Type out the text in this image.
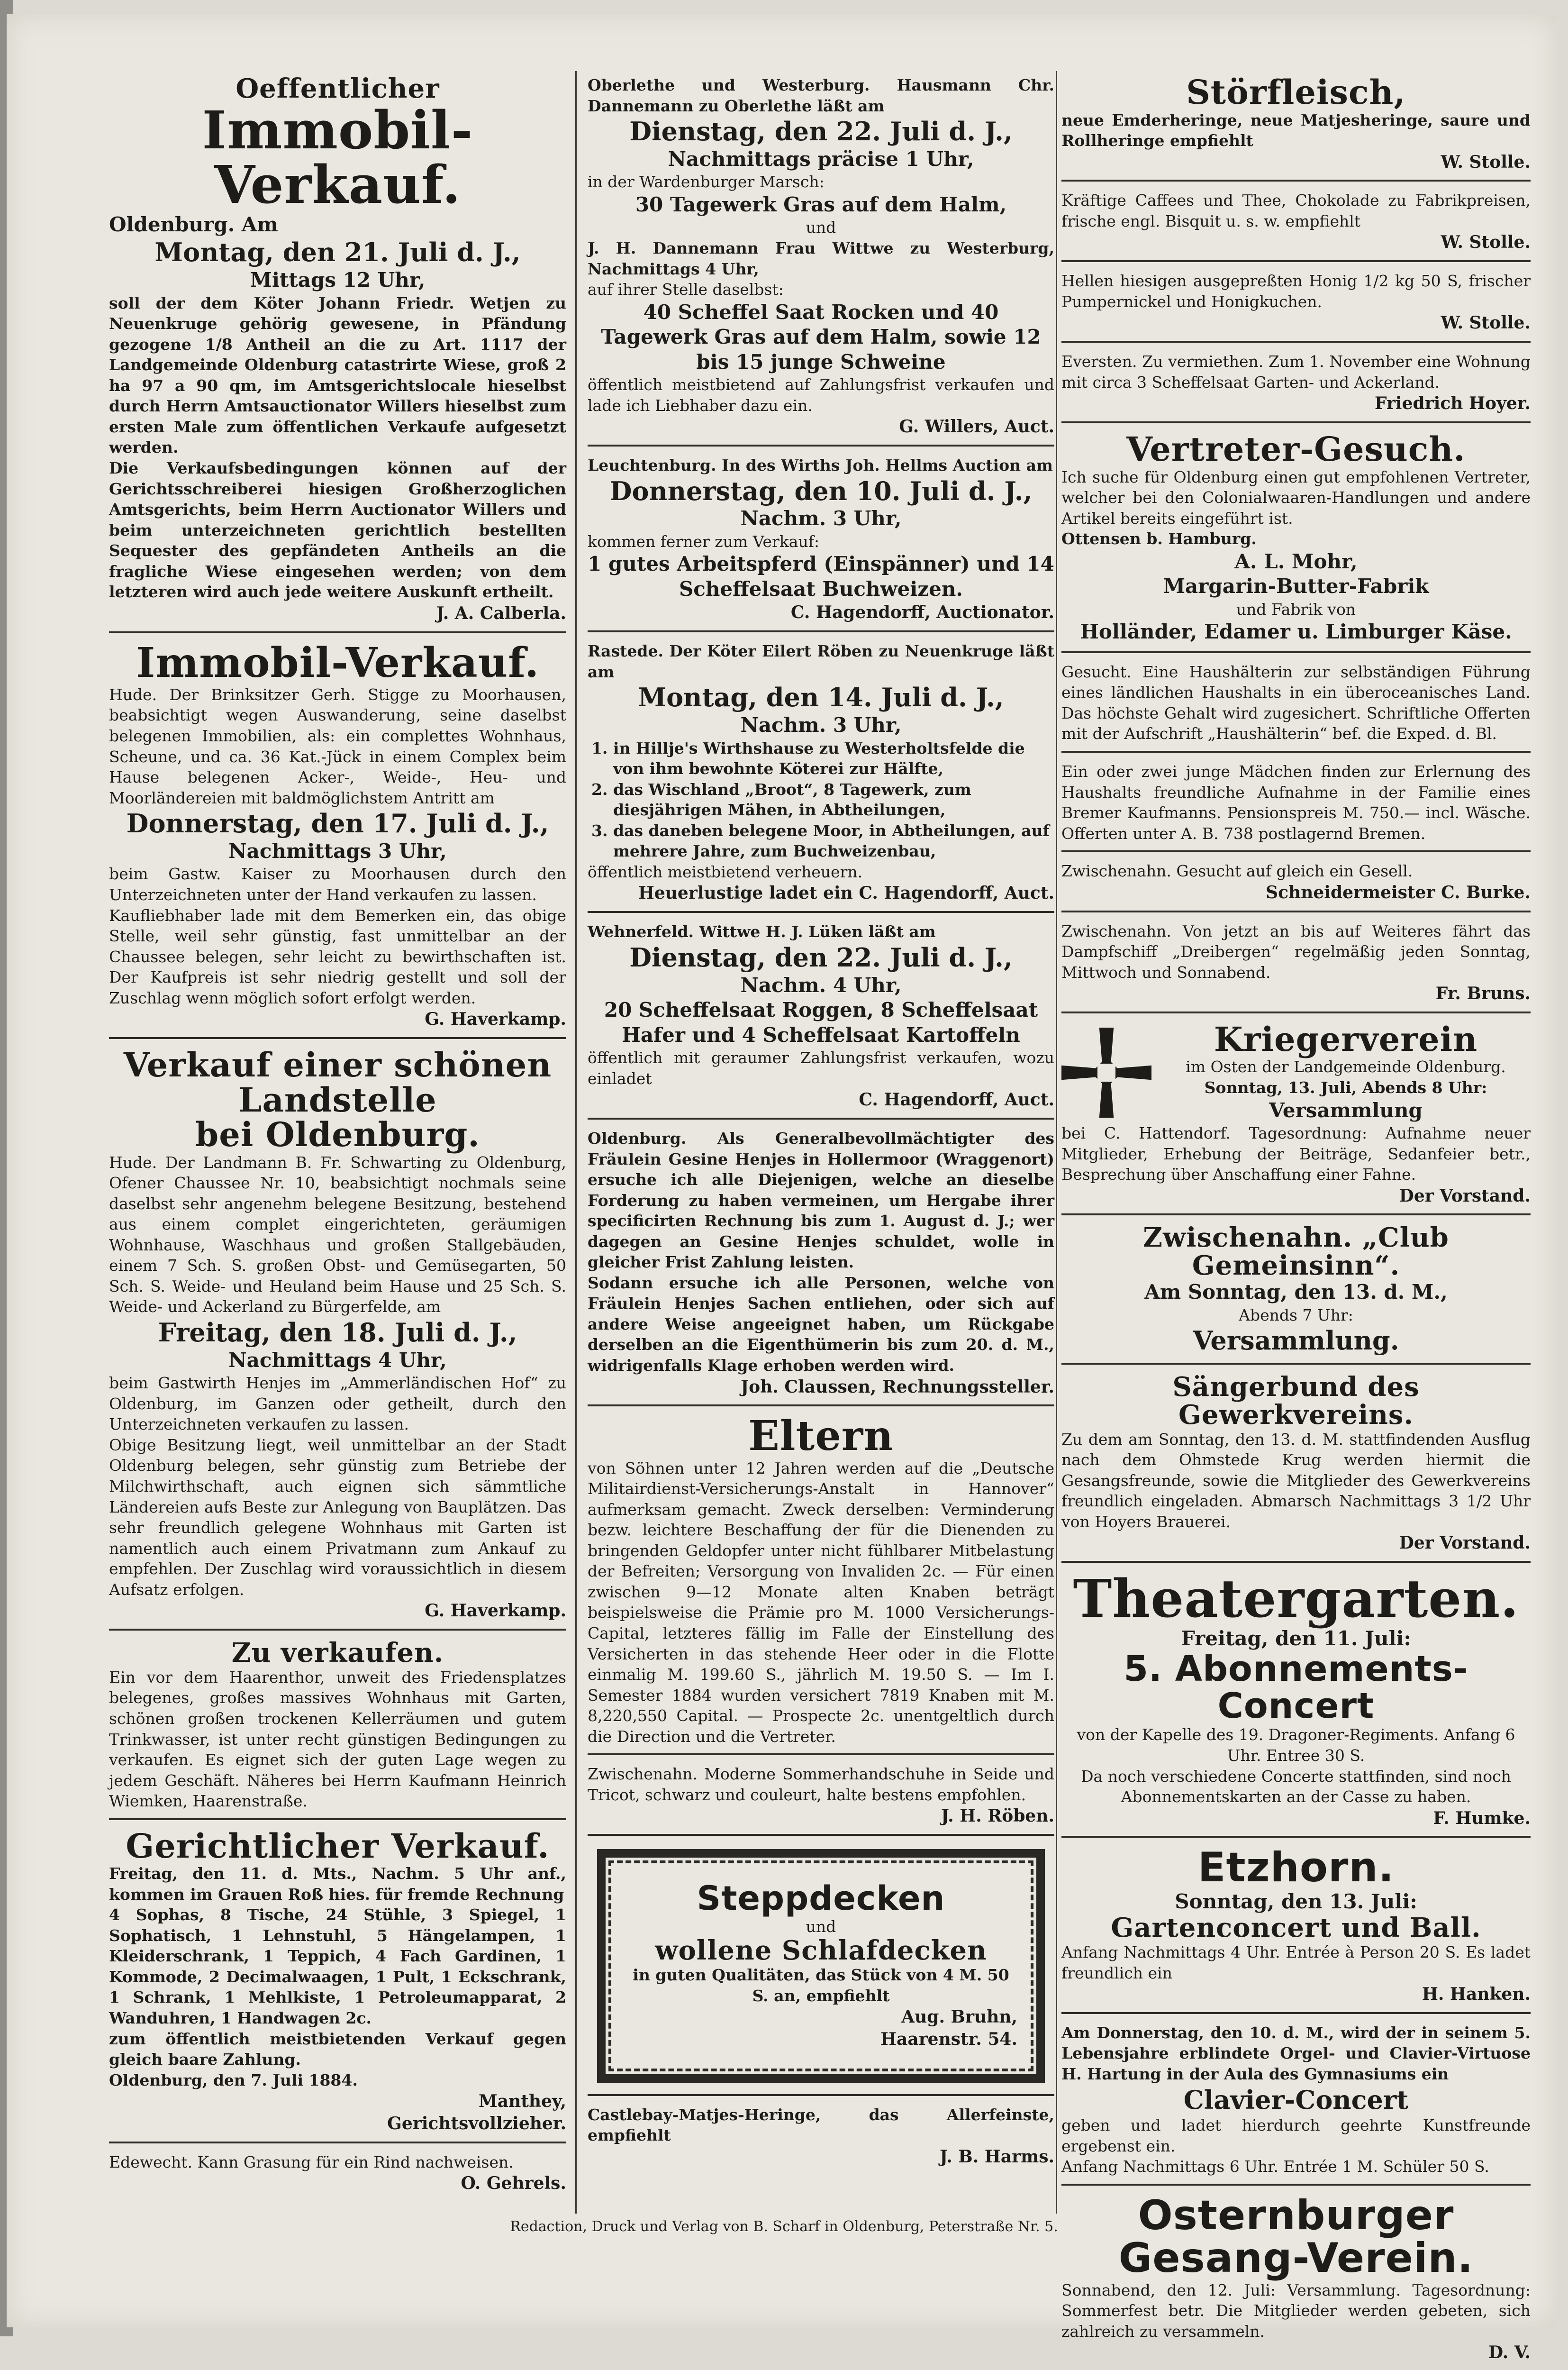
Oeffentlicher
Immobil-Verkauf.
Oldenburg. Am
Montag, den 21. Juli d. J.,
Mittags 12 Uhr,

soll der dem Köter Johann Friedr. Wetjen zu Neuenkruge gehörig gewesene, in Pfändung gezogene 1/8 Antheil an die zu Art. 1117 der Landgemeinde Oldenburg catastrirte Wiese, groß 2 ha 97 a 90 qm, im Amtsgerichtslocale hieselbst durch Herrn Amtsauctionator Willers hieselbst zum ersten Male zum öffentlichen Verkaufe aufgesetzt werden.

Die Verkaufsbedingungen können auf der Gerichtsschreiberei hiesigen Großherzoglichen Amtsgerichts, beim Herrn Auctionator Willers und beim unterzeichneten gerichtlich bestellten Sequester des gepfändeten Antheils an die fragliche Wiese eingesehen werden; von dem letzteren wird auch jede weitere Auskunft ertheilt.

J. A. Calberla.
Immobil-Verkauf.

Hude. Der Brinksitzer Gerh. Stigge zu Moorhausen, beabsichtigt wegen Auswanderung, seine daselbst belegenen Immobilien, als: ein complettes Wohnhaus, Scheune, und ca. 36 Kat.-Jück in einem Complex beim Hause belegenen Acker-, Weide-, Heu- und Moorländereien mit baldmöglichstem Antritt am

Donnerstag, den 17. Juli d. J.,
Nachmittags 3 Uhr,

beim Gastw. Kaiser zu Moorhausen durch den Unterzeichneten unter der Hand verkaufen zu lassen.

Kaufliebhaber lade mit dem Bemerken ein, das obige Stelle, weil sehr günstig, fast unmittelbar an der Chaussee belegen, sehr leicht zu bewirthschaften ist. Der Kaufpreis ist sehr niedrig gestellt und soll der Zuschlag wenn möglich sofort erfolgt werden.

G. Haverkamp.
Verkauf einer schönen Landstelle
bei Oldenburg.

Hude. Der Landmann B. Fr. Schwarting zu Oldenburg, Ofener Chaussee Nr. 10, beabsichtigt nochmals seine daselbst sehr angenehm belegene Besitzung, bestehend aus einem complet eingerichteten, geräumigen Wohnhause, Waschhaus und großen Stallgebäuden, einem 7 Sch. S. großen Obst- und Gemüsegarten, 50 Sch. S. Weide- und Heuland beim Hause und 25 Sch. S. Weide- und Ackerland zu Bürgerfelde, am

Freitag, den 18. Juli d. J.,
Nachmittags 4 Uhr,

beim Gastwirth Henjes im „Ammerländischen Hof“ zu Oldenburg, im Ganzen oder getheilt, durch den Unterzeichneten verkaufen zu lassen.

Obige Besitzung liegt, weil unmittelbar an der Stadt Oldenburg belegen, sehr günstig zum Betriebe der Milchwirthschaft, auch eignen sich sämmtliche Ländereien aufs Beste zur Anlegung von Bauplätzen. Das sehr freundlich gelegene Wohnhaus mit Garten ist namentlich auch einem Privatmann zum Ankauf zu empfehlen. Der Zuschlag wird voraussichtlich in diesem Aufsatz erfolgen.

G. Haverkamp.
Zu verkaufen.

Ein vor dem Haarenthor, unweit des Friedensplatzes belegenes, großes massives Wohnhaus mit Garten, schönen großen trockenen Kellerräumen und gutem Trinkwasser, ist unter recht günstigen Bedingungen zu verkaufen. Es eignet sich der guten Lage wegen zu jedem Geschäft. Näheres bei Herrn Kaufmann Heinrich Wiemken, Haarenstraße.

Gerichtlicher Verkauf.

Freitag, den 11. d. Mts., Nachm. 5 Uhr anf., kommen im Grauen Roß hies. für fremde Rechnung

4 Sophas, 8 Tische, 24 Stühle, 3 Spiegel, 1 Sophatisch, 1 Lehnstuhl, 5 Hängelampen, 1 Kleiderschrank, 1 Teppich, 4 Fach Gardinen, 1 Kommode, 2 Decimalwaagen, 1 Pult, 1 Eckschrank, 1 Schrank, 1 Mehlkiste, 1 Petroleumapparat, 2 Wanduhren, 1 Handwagen 2c.

zum öffentlich meistbietenden Verkauf gegen gleich baare Zahlung.

Oldenburg, den 7. Juli 1884.

Manthey,
Gerichtsvollzieher.

Edewecht. Kann Grasung für ein Rind nachweisen.

O. Gehrels.

Oberlethe und Westerburg. Hausmann Chr. Dannemann zu Oberlethe läßt am

Dienstag, den 22. Juli d. J.,
Nachmittags präcise 1 Uhr,

in der Wardenburger Marsch:

30 Tagewerk Gras auf dem Halm,

und

J. H. Dannemann Frau Wittwe zu Westerburg, Nachmittags 4 Uhr,

auf ihrer Stelle daselbst:

40 Scheffel Saat Rocken und 40 Tagewerk Gras auf dem Halm, sowie 12 bis 15 junge Schweine

öffentlich meistbietend auf Zahlungsfrist verkaufen und lade ich Liebhaber dazu ein.

G. Willers, Auct.

Leuchtenburg. In des Wirths Joh. Hellms Auction am

Donnerstag, den 10. Juli d. J.,
Nachm. 3 Uhr,

kommen ferner zum Verkauf:

1 gutes Arbeitspferd (Einspänner) und 14 Scheffelsaat Buchweizen.
C. Hagendorff, Auctionator.

Rastede. Der Köter Eilert Röben zu Neuenkruge läßt am

Montag, den 14. Juli d. J.,
Nachm. 3 Uhr,
1. in Hillje's Wirthshause zu Westerholtsfelde die von ihm bewohnte Köterei zur Hälfte,
2. das Wischland „Broot“, 8 Tagewerk, zum diesjährigen Mähen, in Abtheilungen,
3. das daneben belegene Moor, in Abtheilungen, auf mehrere Jahre, zum Buchweizenbau,

öffentlich meistbietend verheuern.

Heuerlustige ladet ein C. Hagendorff, Auct.

Wehnerfeld. Wittwe H. J. Lüken läßt am

Dienstag, den 22. Juli d. J.,
Nachm. 4 Uhr,
20 Scheffelsaat Roggen, 8 Scheffelsaat Hafer und 4 Scheffelsaat Kartoffeln

öffentlich mit geraumer Zahlungsfrist verkaufen, wozu einladet

C. Hagendorff, Auct.

Oldenburg. Als Generalbevollmächtigter des Fräulein Gesine Henjes in Hollermoor (Wraggenort) ersuche ich alle Diejenigen, welche an dieselbe Forderung zu haben vermeinen, um Hergabe ihrer specificirten Rechnung bis zum 1. August d. J.; wer dagegen an Gesine Henjes schuldet, wolle in gleicher Frist Zahlung leisten.

Sodann ersuche ich alle Personen, welche von Fräulein Henjes Sachen entliehen, oder sich auf andere Weise angeeignet haben, um Rückgabe derselben an die Eigenthümerin bis zum 20. d. M., widrigenfalls Klage erhoben werden wird.

Joh. Claussen, Rechnungssteller.
Eltern

von Söhnen unter 12 Jahren werden auf die „Deutsche Militairdienst-Versicherungs-Anstalt in Hannover“ aufmerksam gemacht. Zweck derselben: Verminderung bezw. leichtere Beschaffung der für die Dienenden zu bringenden Geldopfer unter nicht fühlbarer Mitbelastung der Befreiten; Versorgung von Invaliden 2c. — Für einen zwischen 9—12 Monate alten Knaben beträgt beispielsweise die Prämie pro M. 1000 Versicherungs-Capital, letzteres fällig im Falle der Einstellung des Versicherten in das stehende Heer oder in die Flotte einmalig M. 199.60 S., jährlich M. 19.50 S. — Im I. Semester 1884 wurden versichert 7819 Knaben mit M. 8,220,550 Capital. — Prospecte 2c. unentgeltlich durch die Direction und die Vertreter.

Zwischenahn. Moderne Sommerhandschuhe in Seide und Tricot, schwarz und couleurt, halte bestens empfohlen.

J. H. Röben.
Steppdecken

und

wollene Schlafdecken

in guten Qualitäten, das Stück von 4 M. 50 S. an, empfiehlt

Aug. Bruhn,
Haarenstr. 54.

Castlebay-Matjes-Heringe, das Allerfeinste, empfiehlt

J. B. Harms.
Störfleisch,

neue Emderheringe, neue Matjesheringe, saure und Rollheringe empfiehlt

W. Stolle.

Kräftige Caffees und Thee, Chokolade zu Fabrikpreisen, frische engl. Bisquit u. s. w. empfiehlt

W. Stolle.

Hellen hiesigen ausgepreßten Honig 1/2 kg 50 S, frischer Pumpernickel und Honigkuchen.

W. Stolle.

Eversten. Zu vermiethen. Zum 1. November eine Wohnung mit circa 3 Scheffelsaat Garten- und Ackerland.

Friedrich Hoyer.
Vertreter-Gesuch.

Ich suche für Oldenburg einen gut empfohlenen Vertreter, welcher bei den Colonialwaaren-Handlungen und andere Artikel bereits eingeführt ist.

Ottensen b. Hamburg.

A. L. Mohr,
Margarin-Butter-Fabrik

und Fabrik von

Holländer, Edamer u. Limburger Käse.

Gesucht. Eine Haushälterin zur selbständigen Führung eines ländlichen Haushalts in ein überoceanisches Land. Das höchste Gehalt wird zugesichert. Schriftliche Offerten mit der Aufschrift „Haushälterin“ bef. die Exped. d. Bl.

Ein oder zwei junge Mädchen finden zur Erlernung des Haushalts freundliche Aufnahme in der Familie eines Bremer Kaufmanns. Pensionspreis M. 750.— incl. Wäsche. Offerten unter A. B. 738 postlagernd Bremen.

Zwischenahn. Gesucht auf gleich ein Gesell.

Schneidermeister C. Burke.

Zwischenahn. Von jetzt an bis auf Weiteres fährt das Dampfschiff „Dreibergen“ regelmäßig jeden Sonntag, Mittwoch und Sonnabend.

Fr. Bruns.
Kriegerverein

im Osten der Landgemeinde Oldenburg.

Sonntag, 13. Juli, Abends 8 Uhr:

Versammlung

bei C. Hattendorf. Tagesordnung: Aufnahme neuer Mitglieder, Erhebung der Beiträge, Sedanfeier betr., Besprechung über Anschaffung einer Fahne.

Der Vorstand.
Zwischenahn. „Club Gemeinsinn“.
Am Sonntag, den 13. d. M.,

Abends 7 Uhr:

Versammlung.
Sängerbund des Gewerkvereins.

Zu dem am Sonntag, den 13. d. M. stattfindenden Ausflug nach dem Ohmstede Krug werden hiermit die Gesangsfreunde, sowie die Mitglieder des Gewerkvereins freundlich eingeladen. Abmarsch Nachmittags 3 1/2 Uhr von Hoyers Brauerei.

Der Vorstand.
Theatergarten.
Freitag, den 11. Juli:
5. Abonnements-Concert

von der Kapelle des 19. Dragoner-Regiments. Anfang 6 Uhr. Entree 30 S.

Da noch verschiedene Concerte stattfinden, sind noch Abonnementskarten an der Casse zu haben.

F. Humke.
Etzhorn.
Sonntag, den 13. Juli:
Gartenconcert und Ball.

Anfang Nachmittags 4 Uhr. Entrée à Person 20 S. Es ladet freundlich ein

H. Hanken.

Am Donnerstag, den 10. d. M., wird der in seinem 5. Lebensjahre erblindete Orgel- und Clavier-Virtuose H. Hartung in der Aula des Gymnasiums ein

Clavier-Concert

geben und ladet hierdurch geehrte Kunstfreunde ergebenst ein.

Anfang Nachmittags 6 Uhr. Entrée 1 M. Schüler 50 S.

Osternburger
Gesang-Verein.

Sonnabend, den 12. Juli: Versammlung. Tagesordnung: Sommerfest betr. Die Mitglieder werden gebeten, sich zahlreich zu versammeln.

D. V.
Redaction, Druck und Verlag von B. Scharf in Oldenburg, Peterstraße Nr. 5.
